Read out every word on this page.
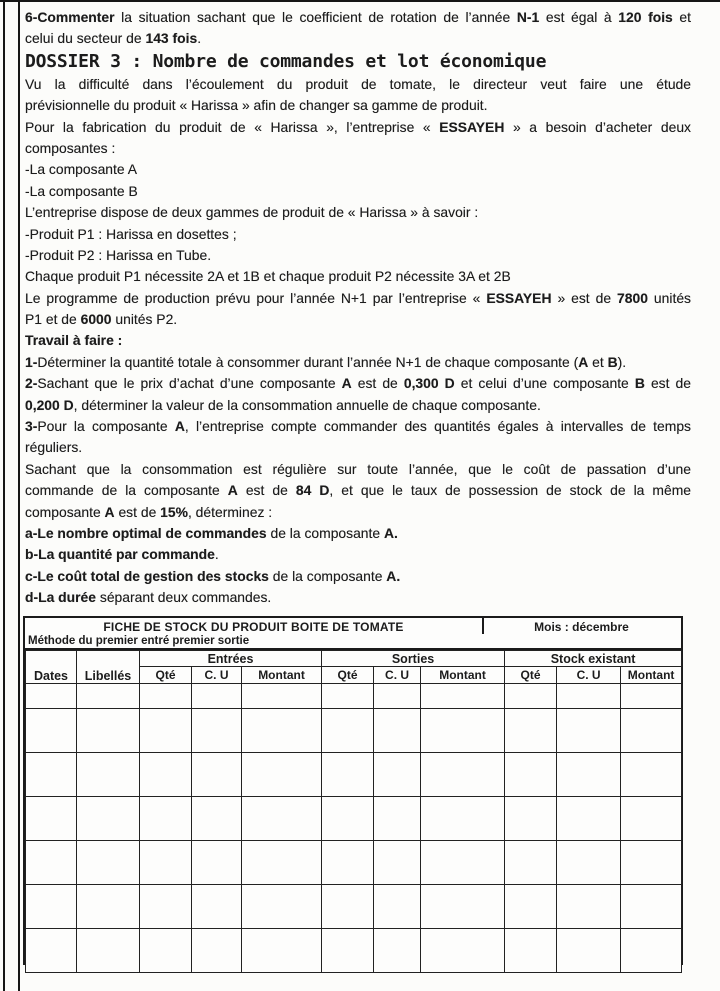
6-Commenter la situation sachant que le coefficient de rotation de l’année N-1 est égal à 120 fois et
celui du secteur de 143 fois.
DOSSIER 3 : Nombre de commandes et lot économique
Vu la difficulté dans l’écoulement du produit de tomate, le directeur veut faire une étude
prévisionnelle du produit « Harissa » afin de changer sa gamme de produit.
Pour la fabrication du produit de « Harissa », l’entreprise « ESSAYEH » a besoin d’acheter deux
composantes :
-La composante A
-La composante B
L’entreprise dispose de deux gammes de produit de « Harissa » à savoir :
-Produit P1 : Harissa en dosettes ;
-Produit P2 : Harissa en Tube.
Chaque produit P1 nécessite 2A et 1B et chaque produit P2 nécessite 3A et 2B
Le programme de production prévu pour l’année N+1 par l’entreprise « ESSAYEH » est de 7800 unités
P1 et de 6000 unités P2.
Travail à faire :
1-Déterminer la quantité totale à consommer durant l’année N+1 de chaque composante (A et B).
2-Sachant que le prix d’achat d’une composante A est de 0,300 D et celui d’une composante B est de
0,200 D, déterminer la valeur de la consommation annuelle de chaque composante.
3-Pour la composante A, l’entreprise compte commander des quantités égales à intervalles de temps
réguliers.
Sachant que la consommation est régulière sur toute l’année, que le coût de passation d’une
commande de la composante A est de 84 D, et que le taux de possession de stock de la même
composante A est de 15%, déterminez :
a-Le nombre optimal de commandes de la composante A.
b-La quantité par commande.
c-Le coût total de gestion des stocks de la composante A.
d-La durée séparant deux commandes.
FICHE DE STOCK DU PRODUIT BOITE DE TOMATE	Mois : décembre
Méthode du premier entré premier sortie
Dates	Libellés	Entrées			Sorties			Stock existant		
		Qté	C. U	Montant	Qté	C. U	Montant	Qté	C. U	Montant
